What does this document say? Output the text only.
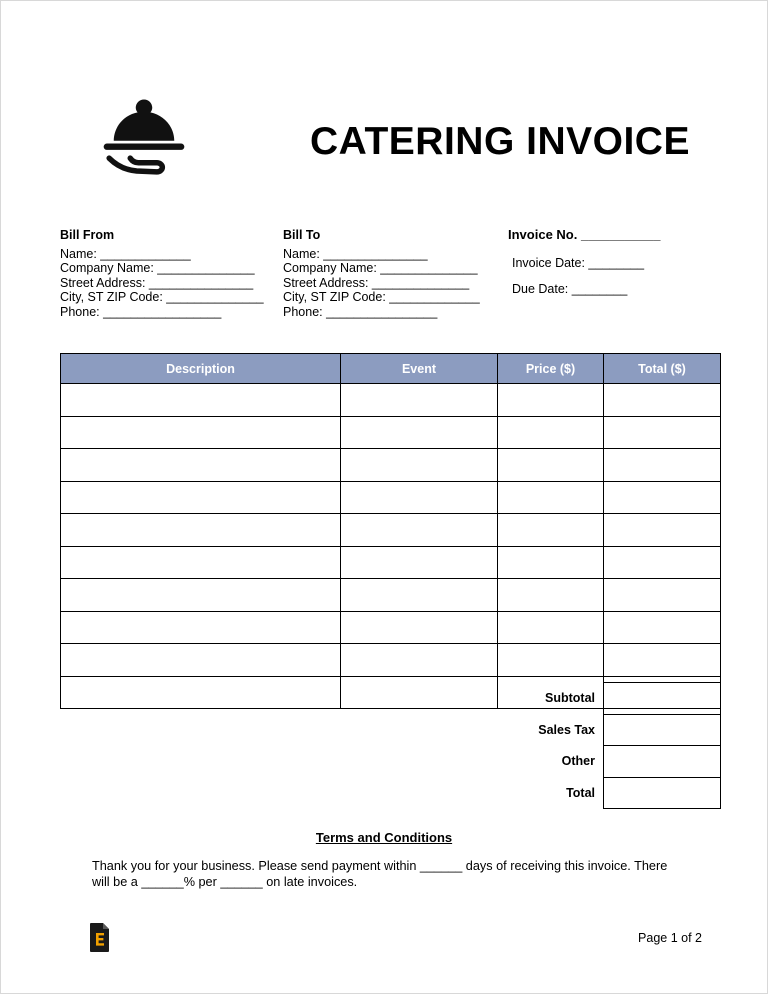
CATERING INVOICE
Bill From
Name: _____________
Company Name: ______________
Street Address: _______________
City, ST ZIP Code: ______________
Phone: _________________
Bill To
Name: _______________
Company Name: ______________
Street Address: ______________
City, ST ZIP Code: _____________
Phone: ________________
Invoice No. ___________
Invoice Date: ________
Due Date: ________
Description	Event	Price ($)	Total ($)

Subtotal	
Sales Tax	
Other	
Total	
Terms and Conditions
Thank you for your business. Please send payment within ______ days of receiving this invoice. There will be a ______% per ______ on late invoices.
Page 1 of 2
